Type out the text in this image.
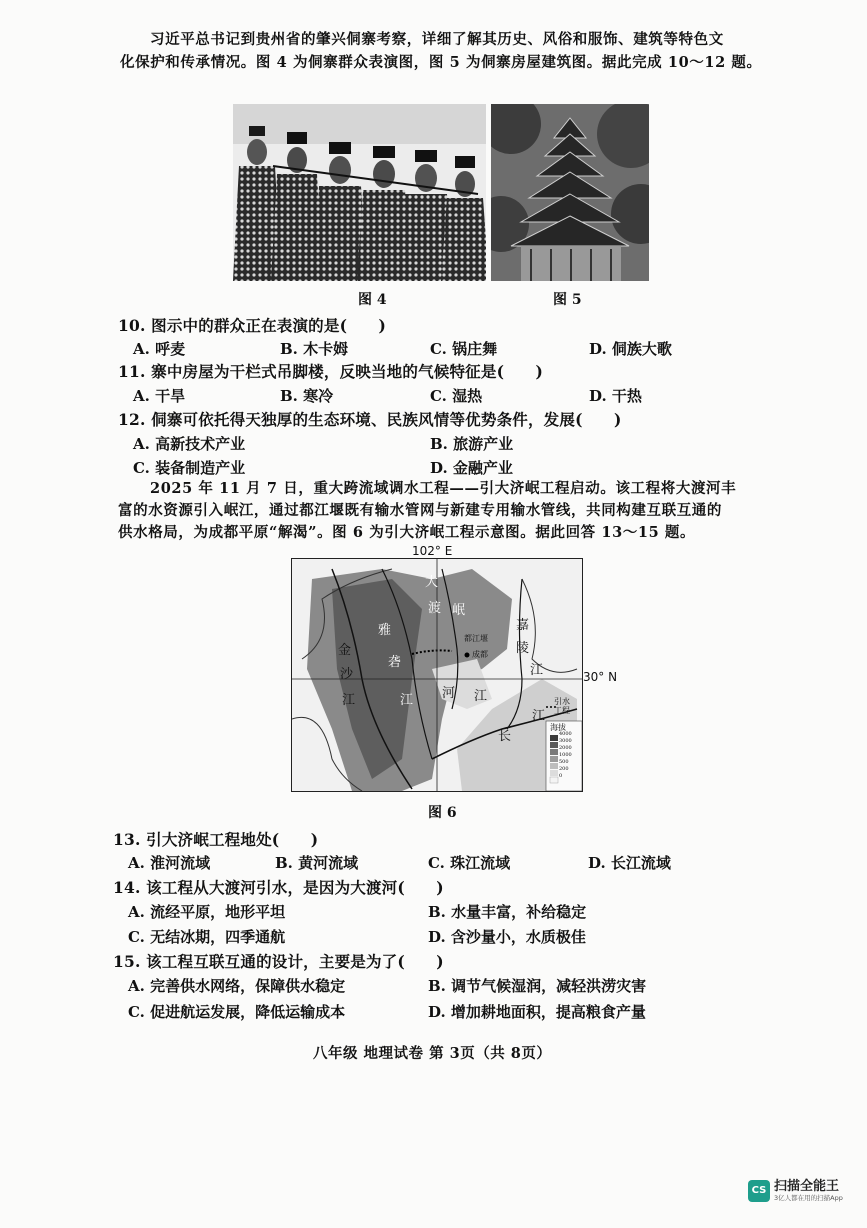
习近平总书记到贵州省的肇兴侗寨考察，详细了解其历史、风俗和服饰、建筑等特色文
化保护和传承情况。图 4 为侗寨群众表演图，图 5 为侗寨房屋建筑图。据此完成 10～12 题。
图 4	图 5
10. 图示中的群众正在表演的是(　　)
A. 呼麦	B. 木卡姆	C. 锅庄舞	D. 侗族大歌
11. 寨中房屋为干栏式吊脚楼，反映当地的气候特征是(　　)
A. 干旱	B. 寒冷	C. 湿热	D. 干热
12. 侗寨可依托得天独厚的生态环境、民族风情等优势条件，发展(　　)
A. 高新技术产业	B. 旅游产业
C. 装备制造产业	D. 金融产业
2025 年 11 月 7 日，重大跨流域调水工程——引大济岷工程启动。该工程将大渡河丰
富的水资源引入岷江，通过都江堰既有输水管网与新建专用输水管线，共同构建互联互通的
供水格局，为成都平原“解渴”。图 6 为引大济岷工程示意图。据此回答 13～15 题。
102° E
金
沙
江
大
渡
河
岷
江
嘉
陵
江
长
江
雅
砻
江
都江堰
成都
引水
工程
海拔
4000
3000
2000
1000
500
200
0
30° N
图 6
13. 引大济岷工程地处(　　)
A. 淮河流域	B. 黄河流域	C. 珠江流域	D. 长江流域
14. 该工程从大渡河引水，是因为大渡河(　　)
A. 流经平原，地形平坦	B. 水量丰富，补给稳定
C. 无结冰期，四季通航	D. 含沙量小，水质极佳
15. 该工程互联互通的设计，主要是为了(　　)
A. 完善供水网络，保障供水稳定	B. 调节气候湿润，减轻洪涝灾害
C. 促进航运发展，降低运输成本	D. 增加耕地面积，提高粮食产量
八年级 地理试卷 第 3页（共 8页）
CS 扫描全能王
3亿人都在用的扫描App
